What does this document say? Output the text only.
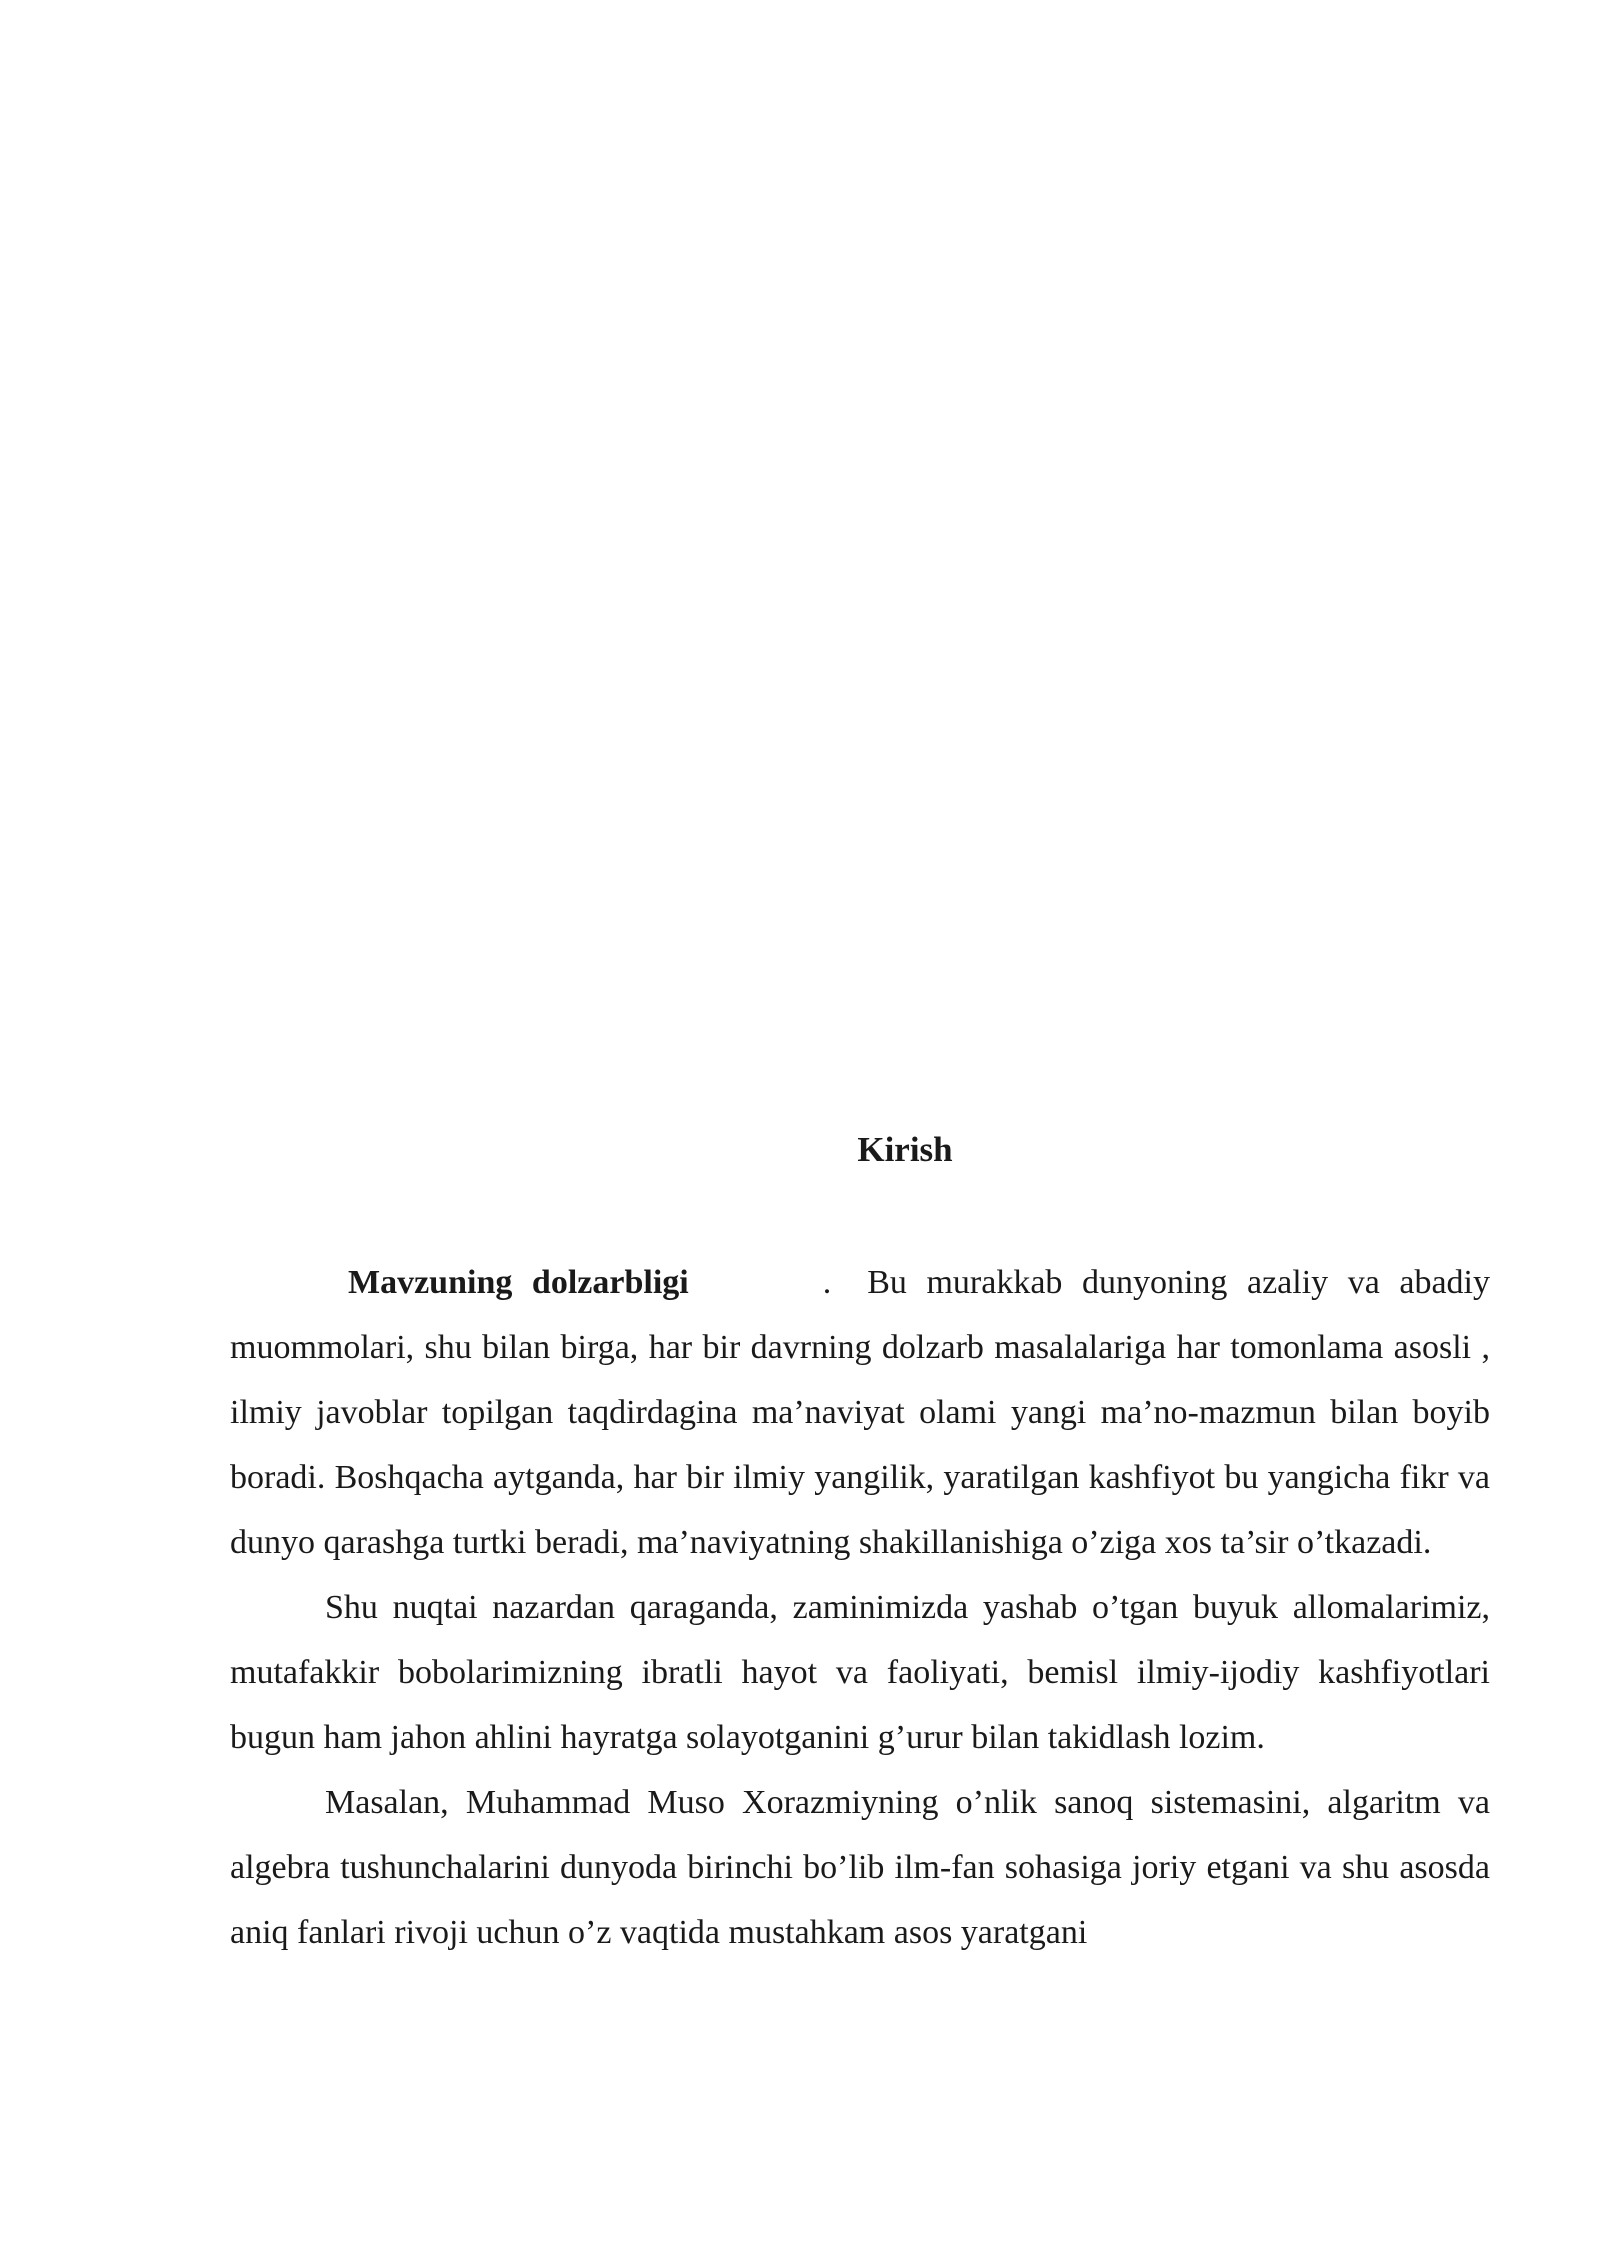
Kirish

Mavzuning dolzarbligi	. Bu murakkab dunyoning azaliy va abadiy muommolari, shu bilan birga, har bir davrning dolzarb masalalariga har tomonlama asosli , ilmiy javoblar topilgan taqdirdagina ma’naviyat olami yangi ma’no-mazmun bilan boyib boradi. Boshqacha aytganda, har bir ilmiy yangilik, yaratilgan kashfiyot bu yangicha fikr va dunyo qarashga turtki beradi, ma’naviyatning shakillanishiga o’ziga xos ta’sir o’tkazadi.

Shu nuqtai nazardan qaraganda, zaminimizda yashab o’tgan buyuk allomalarimiz, mutafakkir bobolarimizning ibratli hayot va faoliyati, bemisl ilmiy-ijodiy kashfiyotlari bugun ham jahon ahlini hayratga solayotganini g’urur bilan takidlash lozim.

Masalan, Muhammad Muso Xorazmiyning o’nlik sanoq sistemasini, algaritm va algebra tushunchalarini dunyoda birinchi bo’lib ilm-fan sohasiga joriy etgani va shu asosda aniq fanlari rivoji uchun o’z vaqtida mustahkam asos yaratgani
